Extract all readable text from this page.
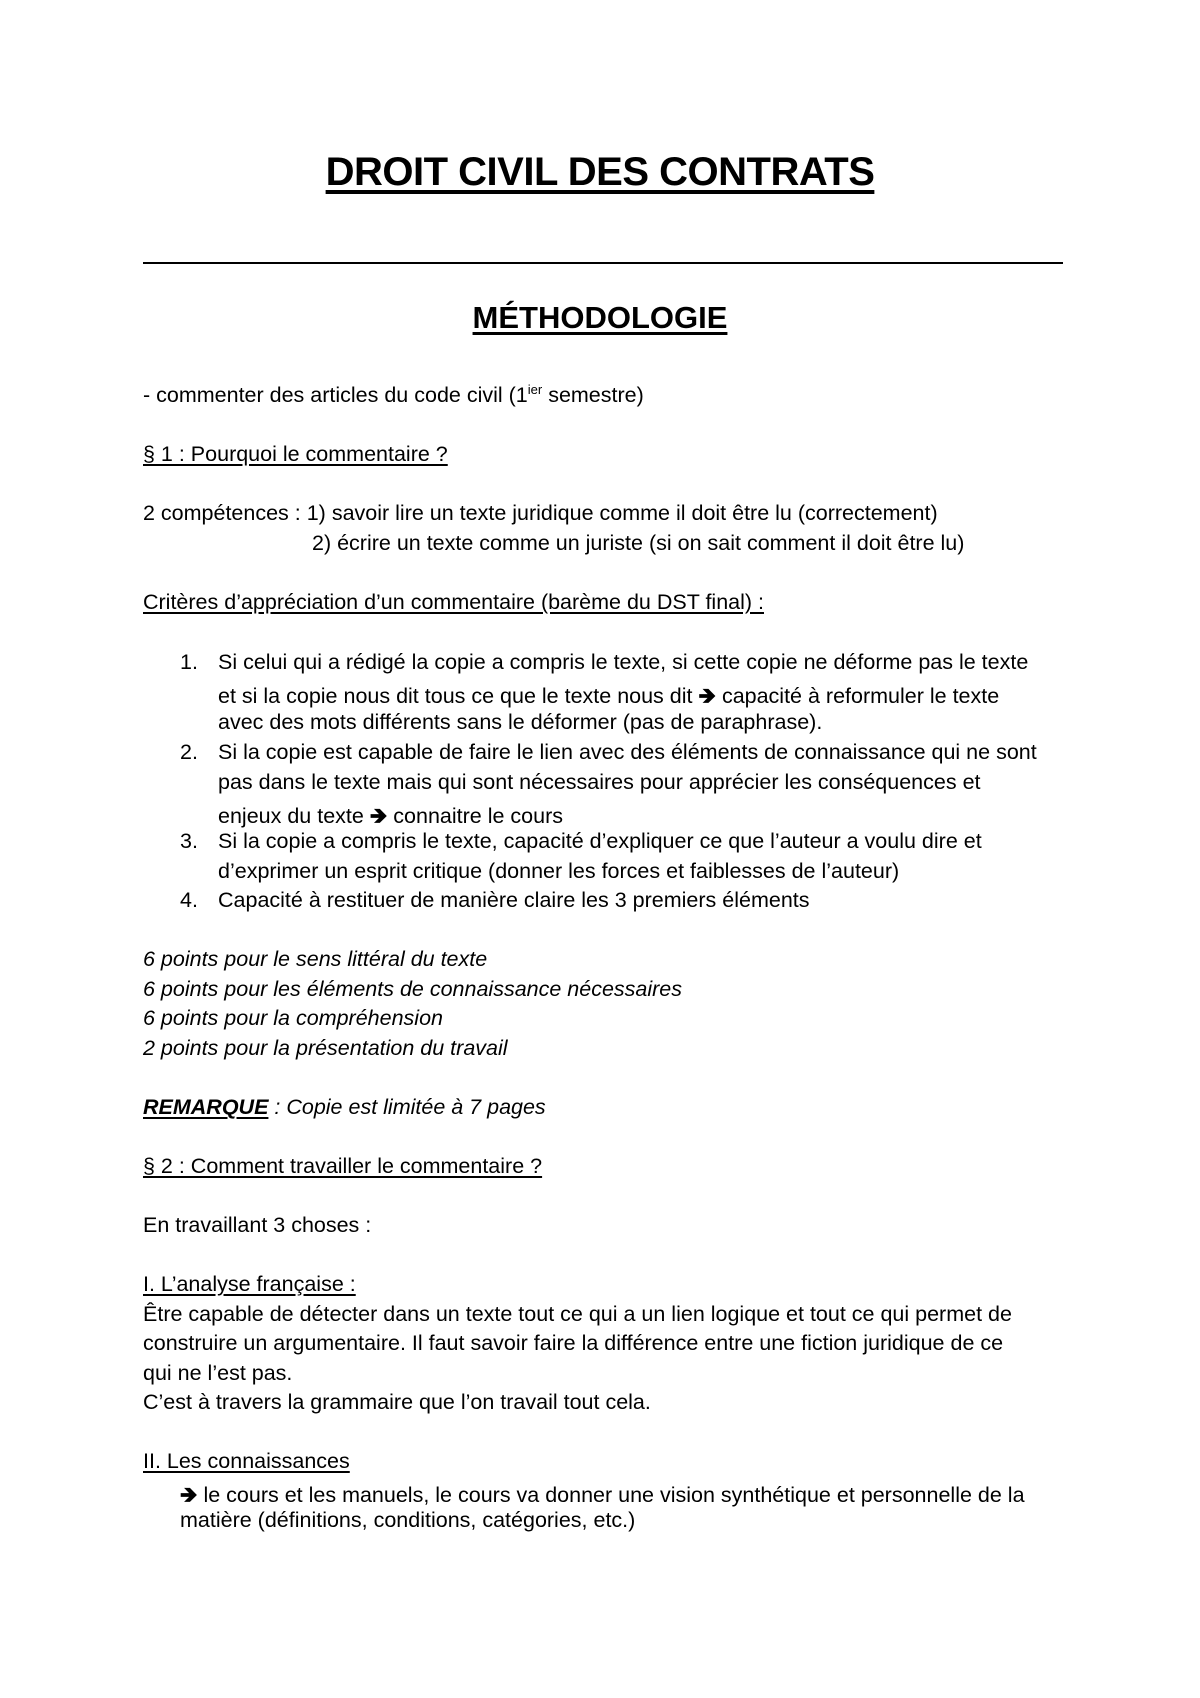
DROIT CIVIL DES CONTRATS
MÉTHODOLOGIE
- commenter des articles du code civil ($1^{ier}$ semestre)
§ 1 : Pourquoi le commentaire ?
2 compétences : 1) savoir lire un texte juridique comme il doit être lu (correctement)
2) écrire un texte comme un juriste (si on sait comment il doit être lu)
Critères d’appréciation d’un commentaire (barème du DST final) :
1. Si celui qui a rédigé la copie a compris le texte, si cette copie ne déforme pas le texte
et si la copie nous dit tous ce que le texte nous dit 🡺 capacité à reformuler le texte
avec des mots différents sans le déformer (pas de paraphrase).
2. Si la copie est capable de faire le lien avec des éléments de connaissance qui ne sont
pas dans le texte mais qui sont nécessaires pour apprécier les conséquences et
enjeux du texte 🡺 connaitre le cours
3. Si la copie a compris le texte, capacité d’expliquer ce que l’auteur a voulu dire et
d’exprimer un esprit critique (donner les forces et faiblesses de l’auteur)
4. Capacité à restituer de manière claire les 3 premiers éléments
6 points pour le sens littéral du texte
6 points pour les éléments de connaissance nécessaires
6 points pour la compréhension
2 points pour la présentation du travail
REMARQUE : Copie est limitée à 7 pages
§ 2 : Comment travailler le commentaire ?
En travaillant 3 choses :
I. L’analyse française :
Être capable de détecter dans un texte tout ce qui a un lien logique et tout ce qui permet de
construire un argumentaire. Il faut savoir faire la différence entre une fiction juridique de ce
qui ne l’est pas.
C’est à travers la grammaire que l’on travail tout cela.
II. Les connaissances
🡺 le cours et les manuels, le cours va donner une vision synthétique et personnelle de la
matière (définitions, conditions, catégories, etc.)
